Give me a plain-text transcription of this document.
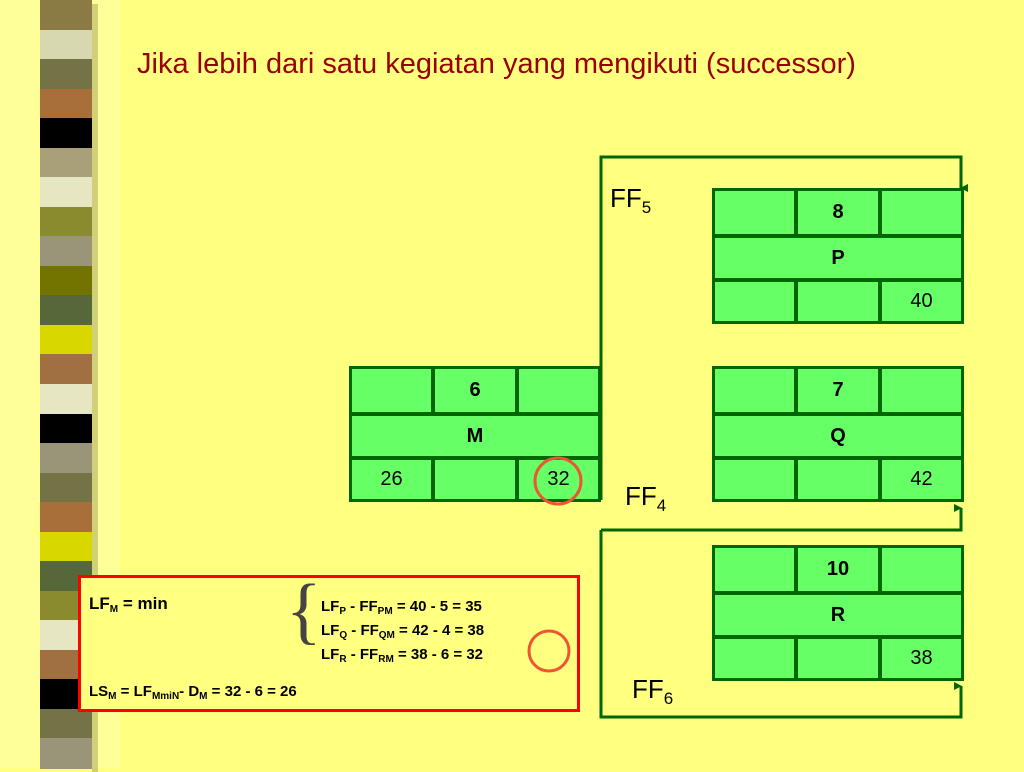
Jika lebih dari satu kegiatan yang mengikuti (successor)
8
P
40
6
M
26	32
7
Q
42
10
R
38
$FF_5$
$FF_4$
$FF_6$
$LF_M = \min$ { $LF_P - FF_{PM} = 40 - 5 = 35$
$LF_Q - FF_{QM} = 42 - 4 = 38$
$LF_R - FF_{RM} = 38 - 6 = 32$
$LS_M = LF_{MmiN}-$ $D_M = 32 - 6 = 26$
